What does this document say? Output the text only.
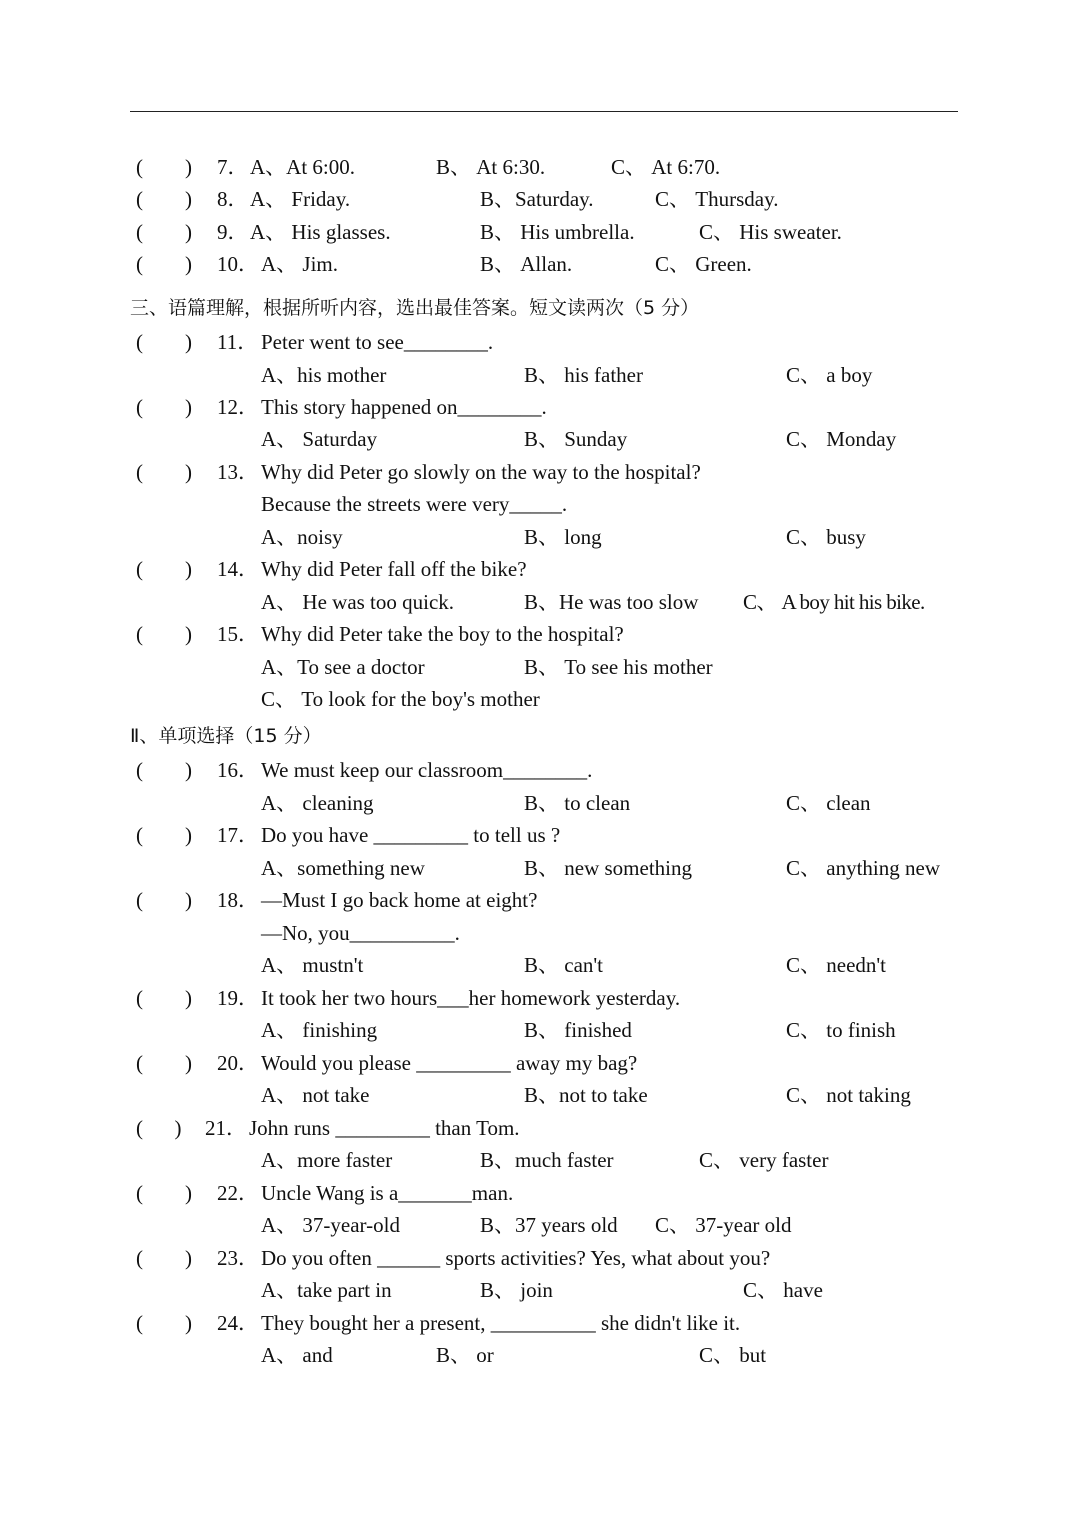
(        ) 7． A、At 6:00.	B、 At 6:30.	C、 At 6:70.
(        ) 8． A、 Friday.	B、Saturday.	C、 Thursday.
(        ) 9． A、 His glasses.	B、 His umbrella.	C、 His sweater.
(        ) 10． A、 Jim.	B、 Allan.	C、 Green.
三、语篇理解，根据所听内容，选出最佳答案。短文读两次（5 分）
(        ) 11． Peter went to see________.
A、his mother	B、 his father	C、 a boy
(        ) 12． This story happened on________.
A、 Saturday	B、 Sunday	C、 Monday
(        ) 13． Why did Peter go slowly on the way to the hospital?
Because the streets were very_____.
A、noisy	B、 long	C、 busy
(        ) 14． Why did Peter fall off the bike?
A、 He was too quick.	B、He was too slow C、 A boy hit his bike.
(        ) 15． Why did Peter take the boy to the hospital?
A、To see a doctor	B、 To see his mother
C、 To look for the boy's mother
Ⅱ、单项选择（15 分）
(        ) 16． We must keep our classroom________.
A、 cleaning	B、 to clean	C、 clean
(        ) 17． Do you have _________ to tell us ?
A、something new	B、 new something	C、 anything new
(        ) 18． —Must I go back home at eight?
—No, you__________.
A、 mustn't	B、 can't	C、 needn't
(        ) 19． It took her two hours___her homework yesterday.
A、 finishing	B、 finished	C、 to finish
(        ) 20． Would you please _________ away my bag?
A、 not take	B、not to take	C、 not taking
(      ) 21． John runs _________ than Tom.
A、more faster	B、much faster	C、 very faster
(        ) 22． Uncle Wang is a_______man.
A、 37-year-old	B、37 years old C、 37-year old
(        ) 23． Do you often ______ sports activities? Yes, what about you?
A、take part in	B、 join	C、 have
(        ) 24． They bought her a present, __________ she didn't like it.
A、 and	B、 or	C、 but
